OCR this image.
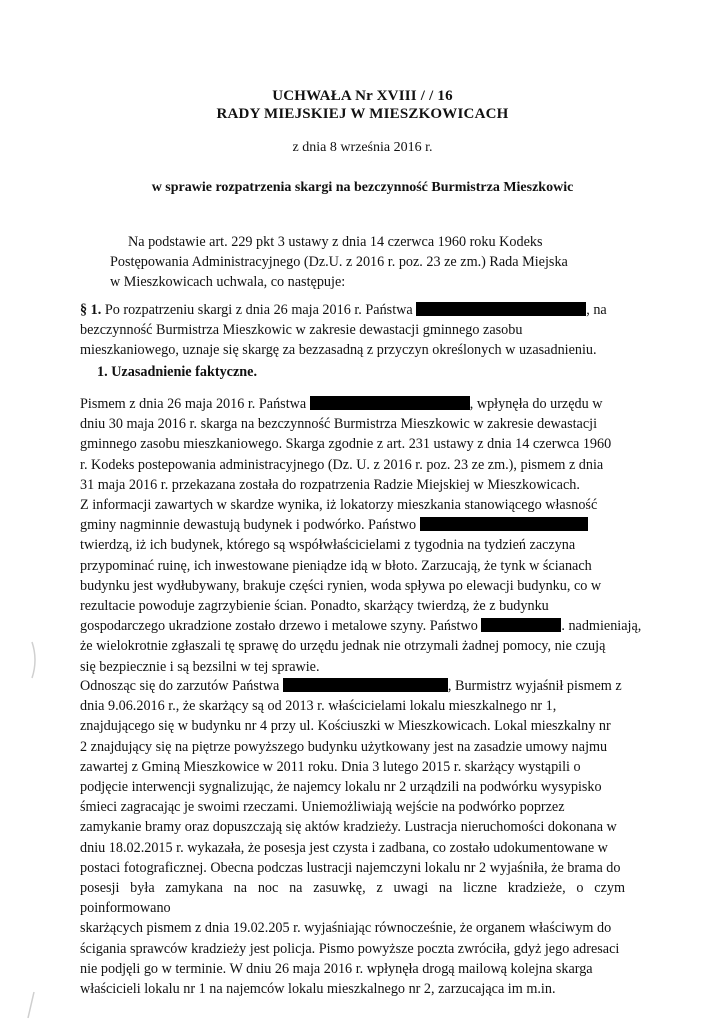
UCHWAŁA Nr XVIII / / 16

RADY MIEJSKIEJ W MIESZKOWICACH

z dnia 8 września 2016 r.

w sprawie rozpatrzenia skargi na bezczynność Burmistrza Mieszkowic

Na podstawie art. 229 pkt 3 ustawy z dnia 14 czerwca 1960 roku Kodeks
Postępowania Administracyjnego (Dz.U. z 2016 r. poz. 23 ze zm.) Rada Miejska
w Mieszkowicach uchwala, co następuje:
§ 1. Po rozpatrzeniu skargi z dnia 26 maja 2016 r. Państwa	, na
bezczynność Burmistrza Mieszkowic w zakresie dewastacji gminnego zasobu
mieszkaniowego, uznaje się skargę za bezzasadną z przyczyn określonych w uzasadnieniu.

1. Uzasadnienie faktyczne.

Pismem z dnia 26 maja 2016 r. Państwa	, wpłynęła do urzędu w
dniu 30 maja 2016 r. skarga na bezczynność Burmistrza Mieszkowic w zakresie dewastacji
gminnego zasobu mieszkaniowego. Skarga zgodnie z art. 231 ustawy z dnia 14 czerwca 1960
r. Kodeks postepowania administracyjnego (Dz. U. z 2016 r. poz. 23 ze zm.), pismem z dnia
31 maja 2016 r. przekazana została do rozpatrzenia Radzie Miejskiej w Mieszkowicach.
Z informacji zawartych w skardze wynika, iż lokatorzy mieszkania stanowiącego własność
gminy nagminnie dewastują budynek i podwórko. Państwo
twierdzą, iż ich budynek, którego są współwłaścicielami z tygodnia na tydzień zaczyna
przypominać ruinę, ich inwestowane pieniądze idą w błoto. Zarzucają, że tynk w ścianach
budynku jest wydłubywany, brakuje części rynien, woda spływa po elewacji budynku, co w
rezultacie powoduje zagrzybienie ścian. Ponadto, skarżący twierdzą, że z budynku
gospodarczego ukradzione zostało drzewo i metalowe szyny. Państwo	. nadmieniają,
że wielokrotnie zgłaszali tę sprawę do urzędu jednak nie otrzymali żadnej pomocy, nie czują
się bezpiecznie i są bezsilni w tej sprawie.
Odnosząc się do zarzutów Państwa	, Burmistrz wyjaśnił pismem z
dnia 9.06.2016 r., że skarżący są od 2013 r. właścicielami lokalu mieszkalnego nr 1,
znajdującego się w budynku nr 4 przy ul. Kościuszki w Mieszkowicach. Lokal mieszkalny nr
2 znajdujący się na piętrze powyższego budynku użytkowany jest na zasadzie umowy najmu
zawartej z Gminą Mieszkowice w 2011 roku. Dnia 3 lutego 2015 r. skarżący wystąpili o
podjęcie interwencji sygnalizując, że najemcy lokalu nr 2 urządzili na podwórku wysypisko
śmieci zagracając je swoimi rzeczami. Uniemożliwiają wejście na podwórko poprzez
zamykanie bramy oraz dopuszczają się aktów kradzieży. Lustracja nieruchomości dokonana w
dniu 18.02.2015 r. wykazała, że posesja jest czysta i zadbana, co zostało udokumentowane w
postaci fotograficznej. Obecna podczas lustracji najemczyni lokalu nr 2 wyjaśniła, że brama do
posesji była zamykana na noc na zasuwkę, z uwagi na liczne kradzieże, o czym poinformowano
skarżących pismem z dnia 19.02.205 r. wyjaśniając równocześnie, że organem właściwym do
ścigania sprawców kradzieży jest policja. Pismo powyższe poczta zwróciła, gdyż jego adresaci
nie podjęli go w terminie. W dniu 26 maja 2016 r. wpłynęła drogą mailową kolejna skarga
właścicieli lokalu nr 1 na najemców lokalu mieszkalnego nr 2, zarzucająca im m.in.
